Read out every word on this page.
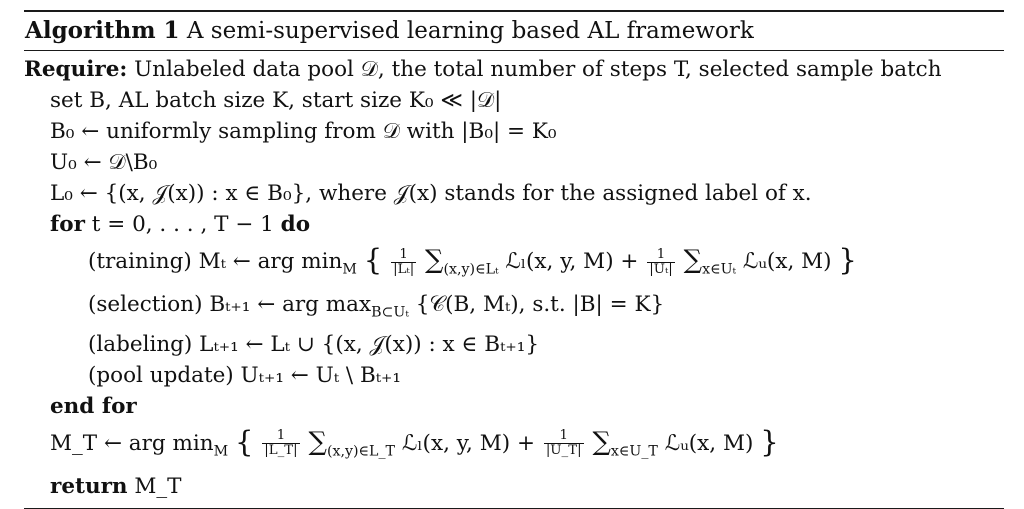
Algorithm 1 A semi-supervised learning based AL framework
Require: Unlabeled data pool 𝒟, the total number of steps T, selected sample batch
set B, AL batch size K, start size K₀ ≪ |𝒟|
B₀ ← uniformly sampling from 𝒟 with |B₀| = K₀
U₀ ← 𝒟\B₀
L₀ ← {(x, 𝒥(x)) : x ∈ B₀}, where 𝒥(x) stands for the assigned label of x.
for t = 0, . . . , T − 1 do
(training) Mₜ ← arg $\min_M$ { $\frac{1}{\text{|Lₜ|}} \sum_{(x,y)\in L_t}$ ℒₗ(x, y, $M) + \frac{1}{\text{|Uₜ|}} \sum_{x\in U_t}$ ℒᵤ(x, M) }
(selection) Bₜ₊₁ ← arg $\max_{B\subset U_t}$ {𝒞(B, Mₜ), s.t. |B| = K}
(labeling) Lₜ₊₁ ← Lₜ ∪ {(x, 𝒥(x)) : x ∈ Bₜ₊₁}
(pool update) Uₜ₊₁ ← Uₜ \ Bₜ₊₁
end for
M_T ← arg $\min_M$ { $\frac{1}{|L\_T|} \sum_{(x,y)\in L\_T}$ ℒₗ(x, y, $M) + \frac{1}{|U\_T|} \sum_{x\in U\_T}$ ℒᵤ(x, M) }
return M_T
